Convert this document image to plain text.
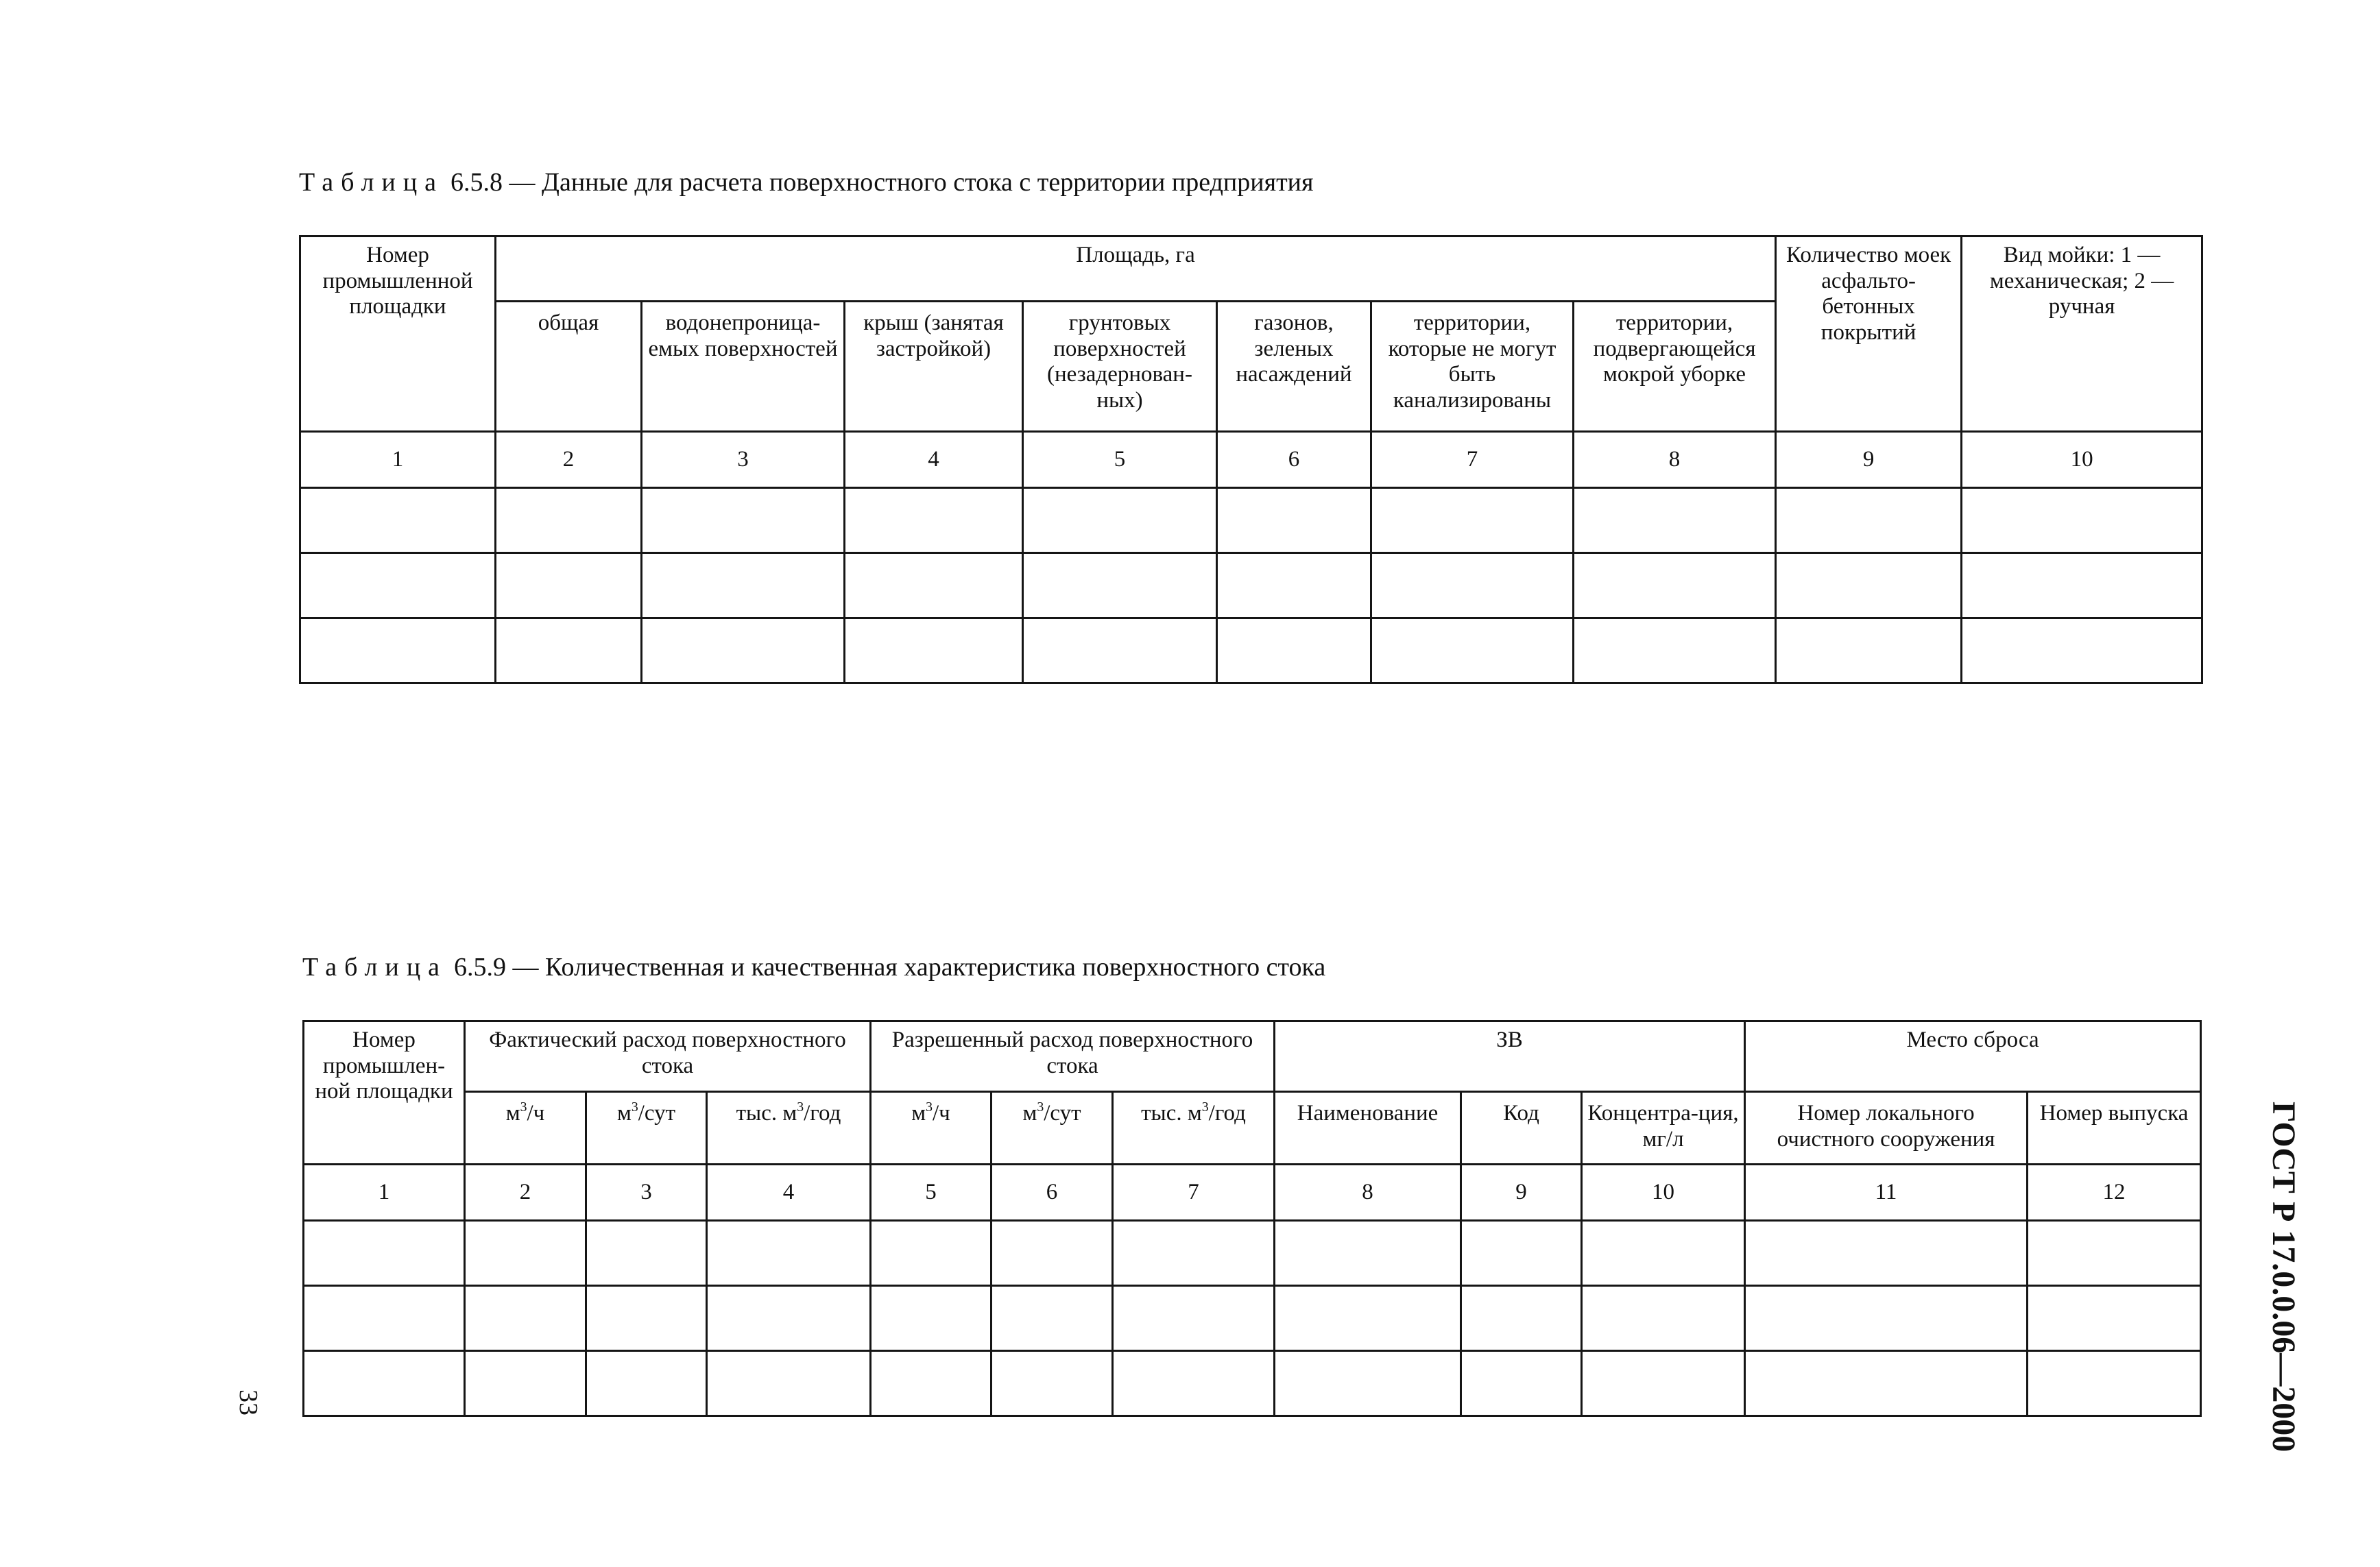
Таблица 6.5.8 — Данные для расчета поверхностного стока с территории предприятия
Номер промышленной площадки	Площадь, га							Количество моек асфальто-бетонных покрытий	Вид мойки: 1 — механическая; 2 — ручная
	общая	водонепроница-емых поверхностей	крыш (занятая застройкой)	грунтовых поверхностей (незадернован-ных)	газонов, зеленых насаждений	территории, которые не могут быть канализированы	территории, подвергающейся мокрой уборке		
1	2	3	4	5	6	7	8	9	10

Таблица 6.5.9 — Количественная и качественная характеристика поверхностного стока
Номер промышлен-ной площадки	Фактический расход поверхностного стока			Разрешенный расход поверхностного стока			ЗВ			Место сброса	
	$м^3/ч$	$м^3$/сут	тыс. $м^3$/год	$м^3/ч$	$м^3$/сут	тыс. $м^3$/год	Наименование	Код	Концентра-ция, мг/л	Номер локального очистного сооружения	Номер выпуска
1	2	3	4	5	6	7	8	9	10	11	12

												ГОСТ Р 17.0.0.06—2000
33
